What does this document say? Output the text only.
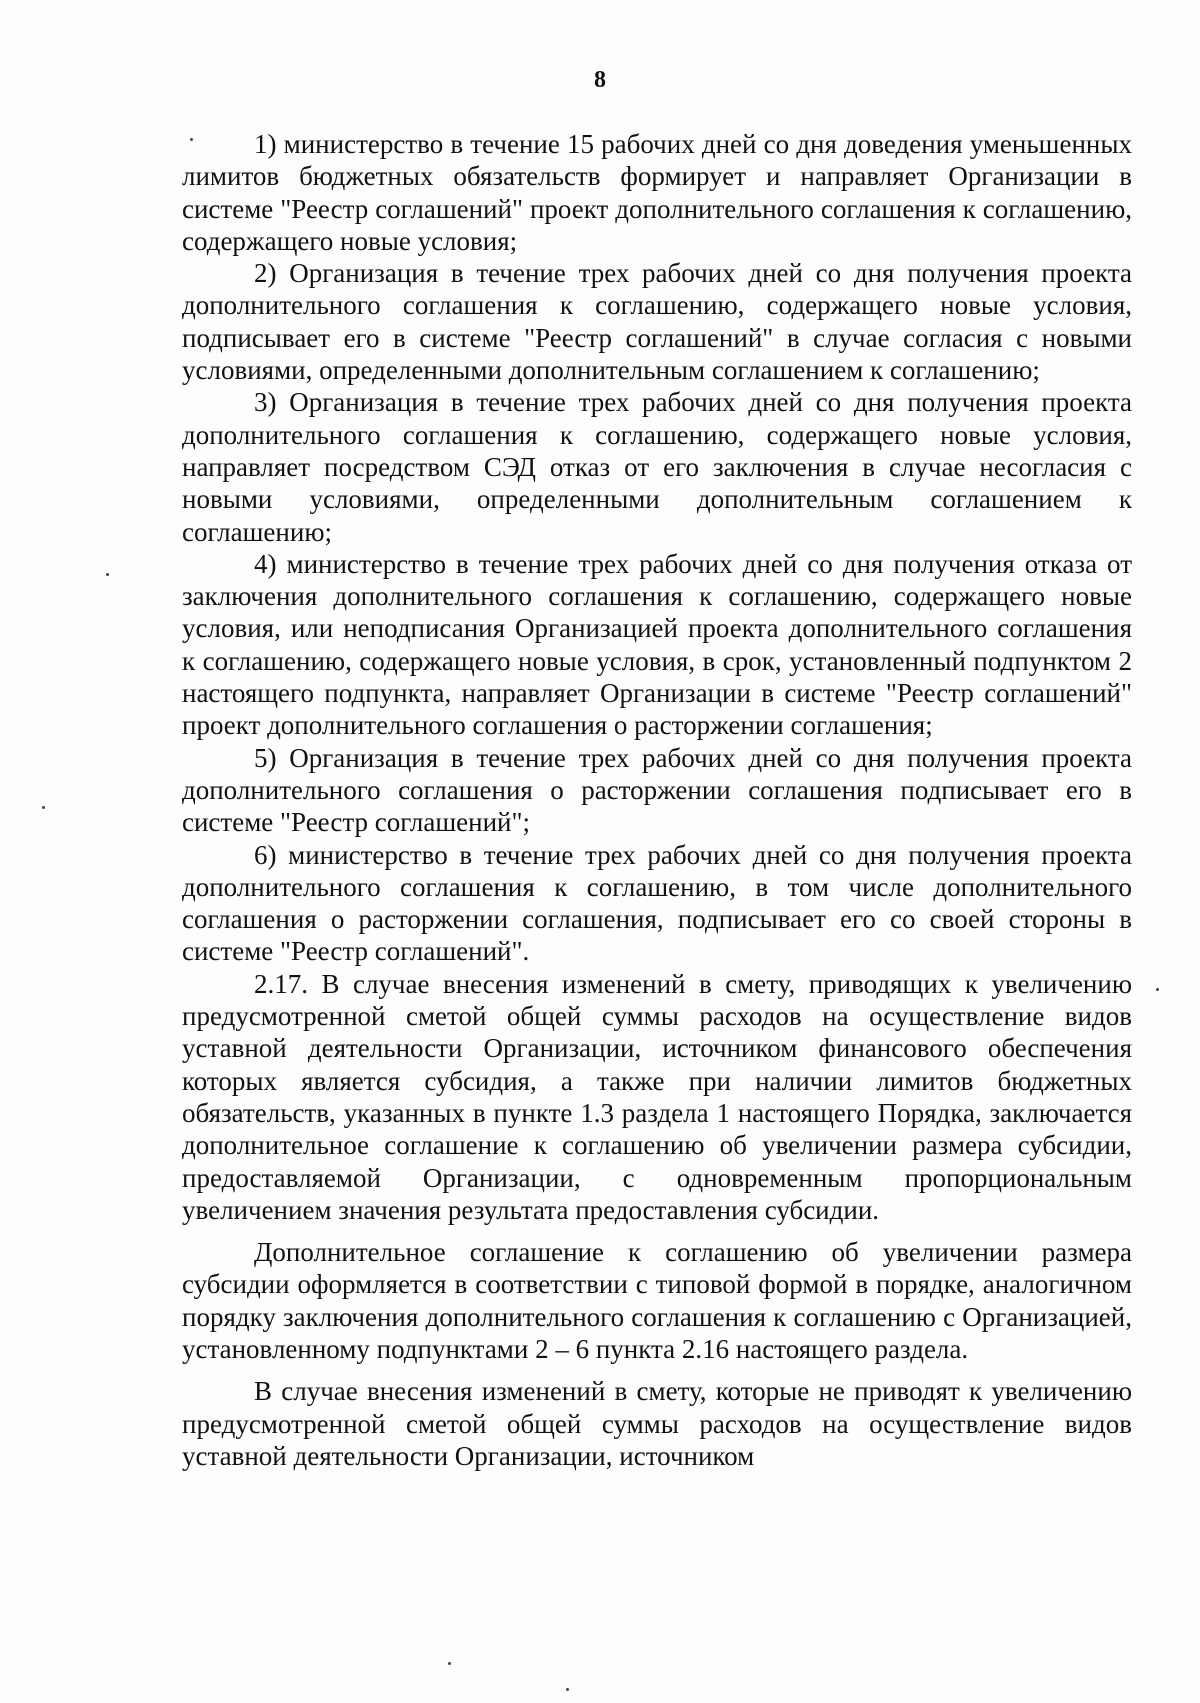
8

1) министерство в течение 15 рабочих дней со дня доведения уменьшенных лимитов бюджетных обязательств формирует и направляет Организации в системе "Реестр соглашений" проект дополнительного соглашения к соглашению, содержащего новые условия;

2) Организация в течение трех рабочих дней со дня получения проекта дополнительного соглашения к соглашению, содержащего новые условия, подписывает его в системе "Реестр соглашений" в случае согласия с новыми условиями, определенными дополнительным соглашением к соглашению;

3) Организация в течение трех рабочих дней со дня получения проекта дополнительного соглашения к соглашению, содержащего новые условия, направляет посредством СЭД отказ от его заключения в случае несогласия с новыми условиями, определенными дополнительным соглашением к соглашению;

4) министерство в течение трех рабочих дней со дня получения отказа от заключения дополнительного соглашения к соглашению, содержащего новые условия, или неподписания Организацией проекта дополнительного соглашения к соглашению, содержащего новые условия, в срок, установленный подпунктом 2 настоящего подпункта, направляет Организации в системе "Реестр соглашений" проект дополнительного соглашения о расторжении соглашения;

5) Организация в течение трех рабочих дней со дня получения проекта дополнительного соглашения о расторжении соглашения подписывает его в системе "Реестр соглашений";

6) министерство в течение трех рабочих дней со дня получения проекта дополнительного соглашения к соглашению, в том числе дополнительного соглашения о расторжении соглашения, подписывает его со своей стороны в системе "Реестр соглашений".

2.17. В случае внесения изменений в смету, приводящих к увеличению предусмотренной сметой общей суммы расходов на осуществление видов уставной деятельности Организации, источником финансового обеспечения которых является субсидия, а также при наличии лимитов бюджетных обязательств, указанных в пункте 1.3 раздела 1 настоящего Порядка, заключается дополнительное соглашение к соглашению об увеличении размера субсидии, предоставляемой Организации, с одновременным пропорциональным увеличением значения результата предоставления субсидии.

Дополнительное соглашение к соглашению об увеличении размера субсидии оформляется в соответствии с типовой формой в порядке, аналогичном порядку заключения дополнительного соглашения к соглашению с Организацией, установленному подпунктами 2 – 6 пункта 2.16 настоящего раздела.

В случае внесения изменений в смету, которые не приводят к увеличению предусмотренной сметой общей суммы расходов на осуществление видов уставной деятельности Организации, источником
